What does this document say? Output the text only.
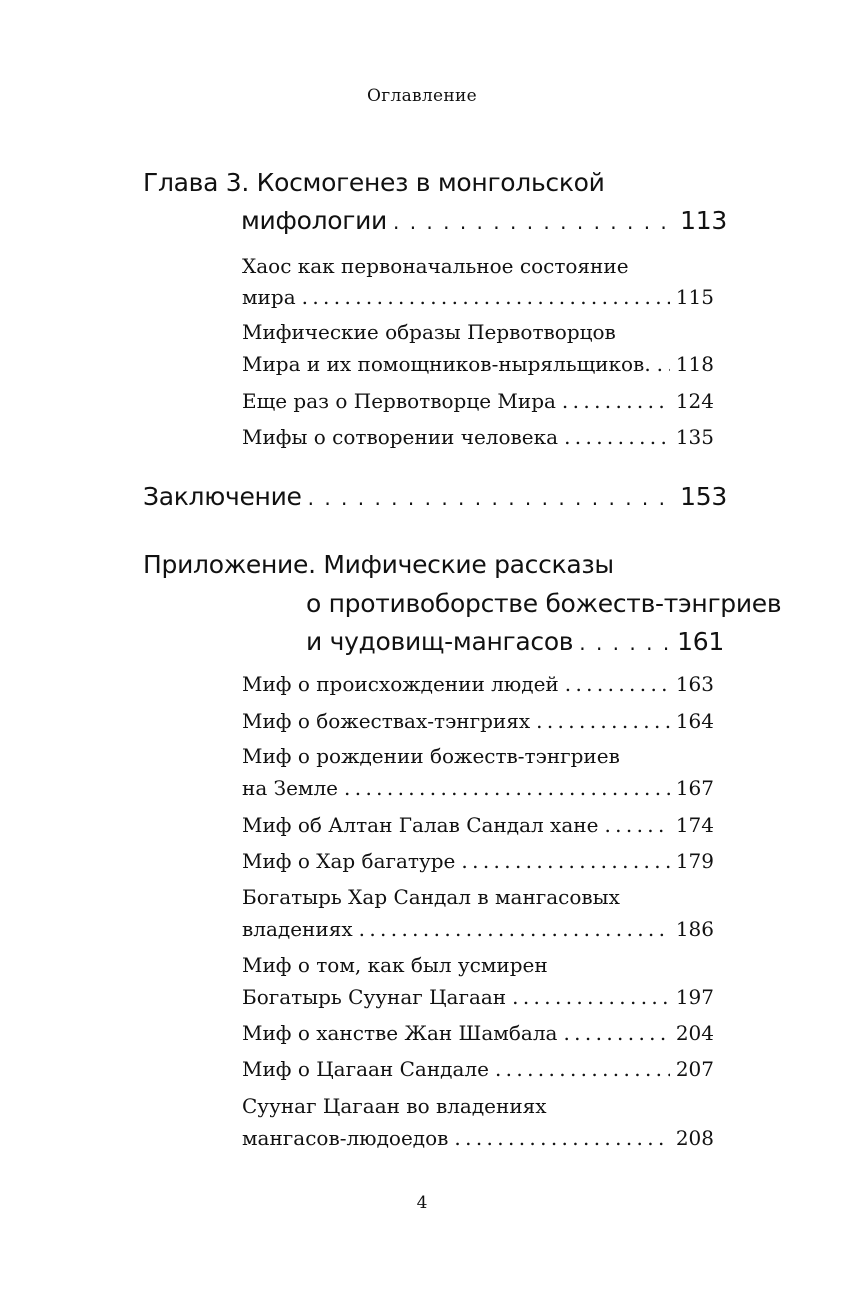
Оглавление
Глава 3. Космогенез в монгольской
мифологии . . .	113
Хаос как первоначальное состояние
мира . . .	115
Мифические образы Первотворцов
Мира и их помощников-ныряльщиков. . . . 118
Еще раз о Первотворце Мира . . .	124
Мифы о сотворении человека . . .	135
Заключение . . .	153
Приложение. Мифические рассказы
о противоборстве божеств-тэнгриев
и чудовищ-мангасов . . .	161
Миф о происхождении людей . . .	163
Миф о божествах-тэнгриях . . .	164
Миф о рождении божеств-тэнгриев
на Земле . . .	167
Миф об Алтан Галав Сандал хане . . .	174
Миф о Хар багатуре . . .	179
Богатырь Хар Сандал в мангасовых
владениях . . .	186
Миф о том, как был усмирен
Богатырь Суунаг Цагаан . . .	197
Миф о ханстве Жан Шамбала . . .	204
Миф о Цагаан Сандале . . .	207
Суунаг Цагаан во владениях
мангасов-людоедов . . .	208
4
